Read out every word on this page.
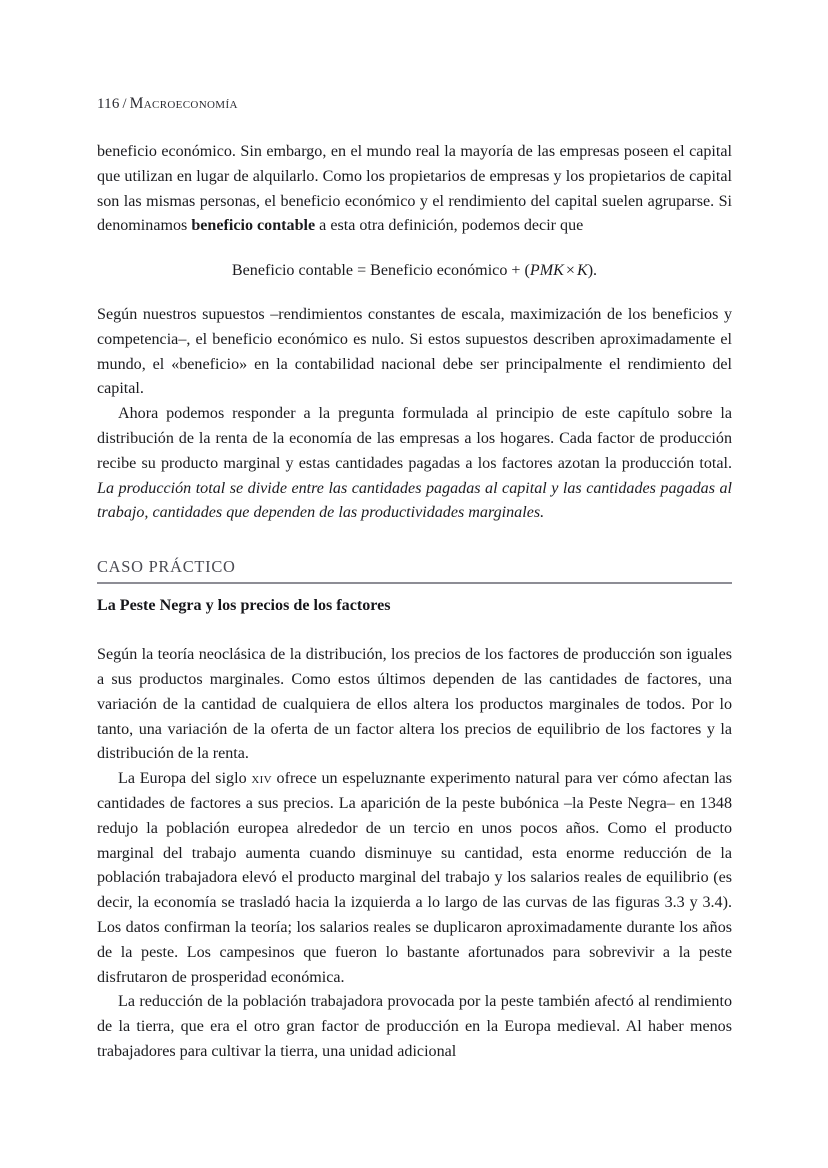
116 / Macroeconomía

beneficio económico. Sin embargo, en el mundo real la mayoría de las empresas poseen el capital que utilizan en lugar de alquilarlo. Como los propietarios de empresas y los propietarios de capital son las mismas personas, el beneficio económico y el rendimiento del capital suelen agruparse. Si denominamos beneficio contable a esta otra definición, podemos decir que

Beneficio contable = Beneficio económico + (PMK × K).

Según nuestros supuestos –rendimientos constantes de escala, maximización de los beneficios y competencia–, el beneficio económico es nulo. Si estos supuestos describen aproximadamente el mundo, el «beneficio» en la contabilidad nacional debe ser principalmente el rendimiento del capital.

Ahora podemos responder a la pregunta formulada al principio de este capítulo sobre la distribución de la renta de la economía de las empresas a los hogares. Cada factor de producción recibe su producto marginal y estas cantidades pagadas a los factores azotan la producción total. La producción total se divide entre las cantidades pagadas al capital y las cantidades pagadas al trabajo, cantidades que dependen de las productividades marginales.

CASO PRÁCTICO

La Peste Negra y los precios de los factores

Según la teoría neoclásica de la distribución, los precios de los factores de producción son iguales a sus productos marginales. Como estos últimos dependen de las cantidades de factores, una variación de la cantidad de cualquiera de ellos altera los productos marginales de todos. Por lo tanto, una variación de la oferta de un factor altera los precios de equilibrio de los factores y la distribución de la renta.

La Europa del siglo xiv ofrece un espeluznante experimento natural para ver cómo afectan las cantidades de factores a sus precios. La aparición de la peste bubónica –la Peste Negra– en 1348 redujo la población europea alrededor de un tercio en unos pocos años. Como el producto marginal del trabajo aumenta cuando disminuye su cantidad, esta enorme reducción de la población trabajadora elevó el producto marginal del trabajo y los salarios reales de equilibrio (es decir, la economía se trasladó hacia la izquierda a lo largo de las curvas de las figuras 3.3 y 3.4). Los datos confirman la teoría; los salarios reales se duplicaron aproximadamente durante los años de la peste. Los campesinos que fueron lo bastante afortunados para sobrevivir a la peste disfrutaron de prosperidad económica.

La reducción de la población trabajadora provocada por la peste también afectó al rendimiento de la tierra, que era el otro gran factor de producción en la Europa medieval. Al haber menos trabajadores para cultivar la tierra, una unidad adicional
